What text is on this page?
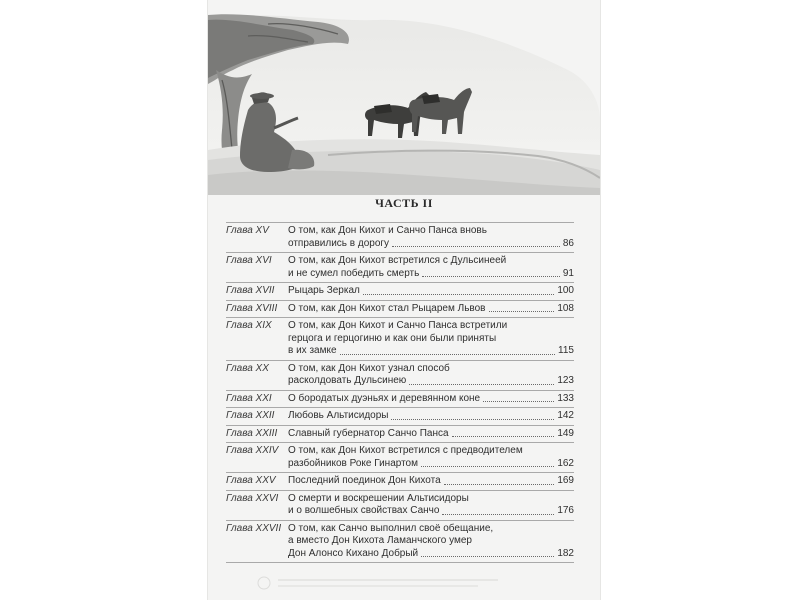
ЧАСТЬ II
Глава XV	О том, как Дон Кихот и Санчо Панса вновь
отправились в дорогу	86
Глава XVI	О том, как Дон Кихот встретился с Дульсинеей
и не сумел победить смерть	91
Глава XVII	Рыцарь Зеркал	100
Глава XVIII	О том, как Дон Кихот стал Рыцарем Львов	108
Глава XIX	О том, как Дон Кихот и Санчо Панса встретили
герцога и герцогиню и как они были приняты
в их замке	115
Глава XX	О том, как Дон Кихот узнал способ
расколдовать Дульсинею	123
Глава XXI	О бородатых дуэньях и деревянном коне	133
Глава XXII	Любовь Альтисидоры	142
Глава XXIII	Славный губернатор Санчо Панса	149
Глава XXIV О том, как Дон Кихот встретился с предводителем
разбойников Роке Гинартом	162
Глава XXV	Последний поединок Дон Кихота	169
Глава XXVI О смерти и воскрешении Альтисидоры
и о волшебных свойствах Санчо	176
Глава XXVII О том, как Санчо выполнил своё обещание,
а вместо Дон Кихота Ламанчского умер
Дон Алонсо Кихано Добрый	182
